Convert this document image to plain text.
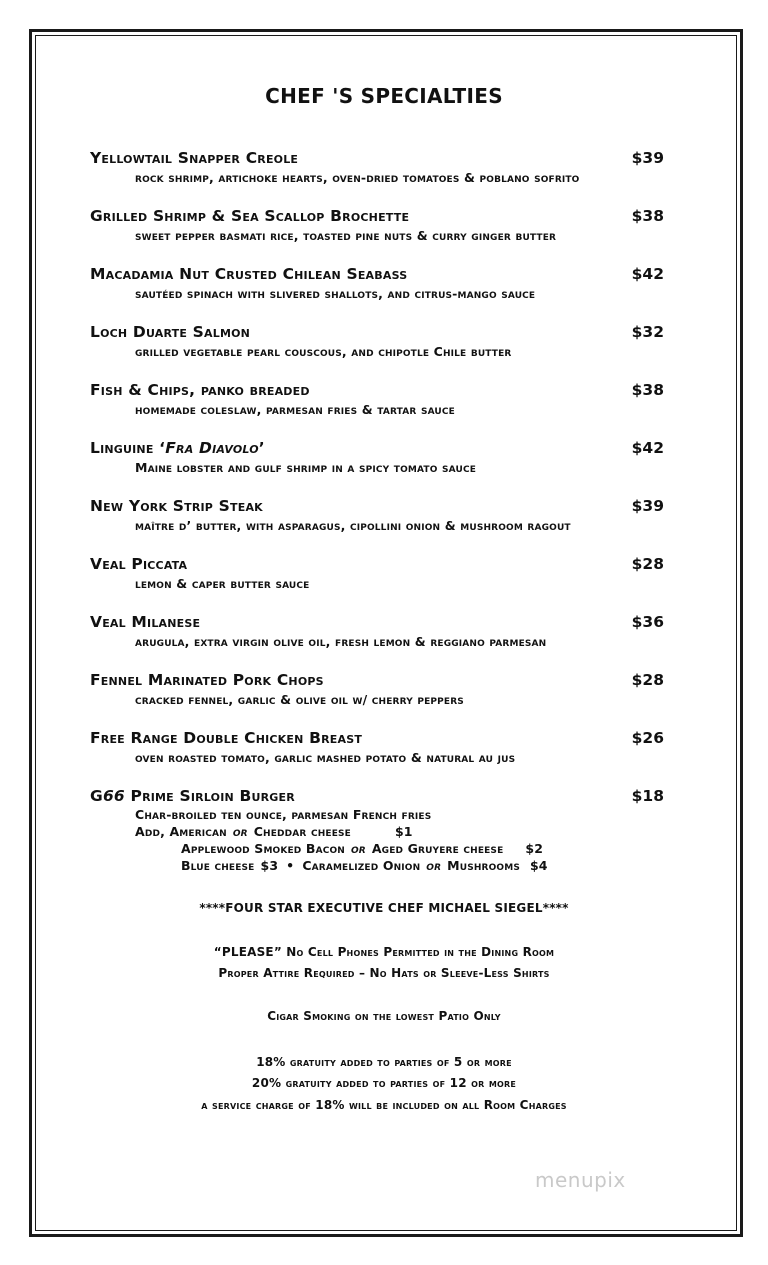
CHEF 'S SPECIALTIES
Yellowtail Snapper Creole	$39
rock shrimp, artichoke hearts, oven-dried tomatoes & poblano sofrito
Grilled Shrimp & Sea Scallop Brochette	$38
sweet pepper basmati rice, toasted pine nuts & curry ginger butter
Macadamia Nut Crusted Chilean Seabass	$42
sautéed spinach with slivered shallots, and citrus-mango sauce
Loch Duarte Salmon	$32
grilled vegetable pearl couscous, and chipotle Chile butter
Fish & Chips, panko breaded	$38
homemade coleslaw, parmesan fries & tartar sauce
Linguine ‘Fra Diavolo’	$42
Maine lobster and gulf shrimp in a spicy tomato sauce
New York Strip Steak	$39
maître d’ butter, with asparagus, cipollini onion & mushroom ragout
Veal Piccata	$28
lemon & caper butter sauce
Veal Milanese	$36
arugula, extra virgin olive oil, fresh lemon & reggiano parmesan
Fennel Marinated Pork Chops	$28
cracked fennel, garlic & olive oil w/ cherry peppers
Free Range Double Chicken Breast	$26
oven roasted tomato, garlic mashed potato & natural au jus
G66 Prime Sirloin Burger	$18
Char-broiled ten ounce, parmesan French fries
Add, American or Cheddar cheese	$1
Applewood Smoked Bacon or Aged Gruyere cheese $2
Blue cheese $3 • Caramelized Onion or Mushrooms $4
****FOUR STAR EXECUTIVE CHEF MICHAEL SIEGEL****
“PLEASE” No Cell Phones Permitted in the Dining Room
Proper Attire Required – No Hats or Sleeve-Less Shirts
Cigar Smoking on the lowest Patio Only
18% gratuity added to parties of 5 or more
20% gratuity added to parties of 12 or more
a service charge of 18% will be included on all Room Charges
menupix
